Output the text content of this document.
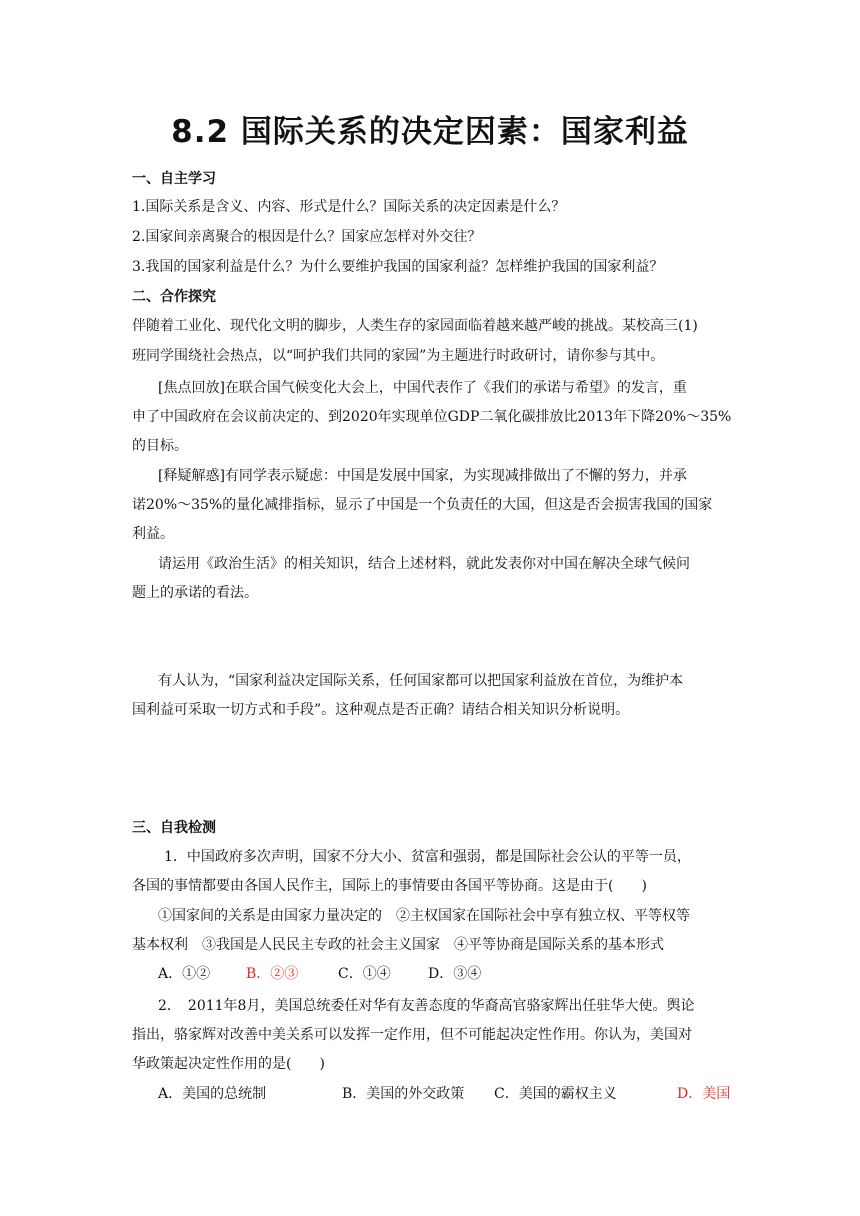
8.2 国际关系的决定因素：国家利益
一、自主学习
1.国际关系是含义、内容、形式是什么？国际关系的决定因素是什么？
2.国家间亲离聚合的根因是什么？国家应怎样对外交往？
3.我国的国家利益是什么？为什么要维护我国的国家利益？怎样维护我国的国家利益？
二、合作探究
伴随着工业化、现代化文明的脚步，人类生存的家园面临着越来越严峻的挑战。某校高三(1)
班同学围绕社会热点，以“呵护我们共同的家园”为主题进行时政研讨，请你参与其中。
[焦点回放]在联合国气候变化大会上，中国代表作了《我们的承诺与希望》的发言，重
申了中国政府在会议前决定的、到2020年实现单位GDP二氧化碳排放比2013年下降20%～35%
的目标。
[释疑解惑]有同学表示疑虑：中国是发展中国家，为实现减排做出了不懈的努力，并承
诺20%～35%的量化减排指标，显示了中国是一个负责任的大国，但这是否会损害我国的国家
利益。
请运用《政治生活》的相关知识，结合上述材料，就此发表你对中国在解决全球气候问
题上的承诺的看法。
有人认为，“国家利益决定国际关系，任何国家都可以把国家利益放在首位，为维护本
国利益可采取一切方式和手段”。这种观点是否正确？请结合相关知识分析说明。
三、自我检测
1．中国政府多次声明，国家不分大小、贫富和强弱，都是国际社会公认的平等一员，
各国的事情都要由各国人民作主，国际上的事情要由各国平等协商。这是由于(　　)
①国家间的关系是由国家力量决定的　②主权国家在国际社会中享有独立权、平等权等
基本权利　③我国是人民民主专政的社会主义国家　④平等协商是国际关系的基本形式
A．①②	B．②③	C．①④	D．③④
2．　2011年8月，美国总统委任对华有友善态度的华裔高官骆家辉出任驻华大使。舆论
指出，骆家辉对改善中美关系可以发挥一定作用，但不可能起决定性作用。你认为，美国对
华政策起决定性作用的是(　　)
A．美国的总统制	B．美国的外交政策 C．美国的霸权主义	D．美国
